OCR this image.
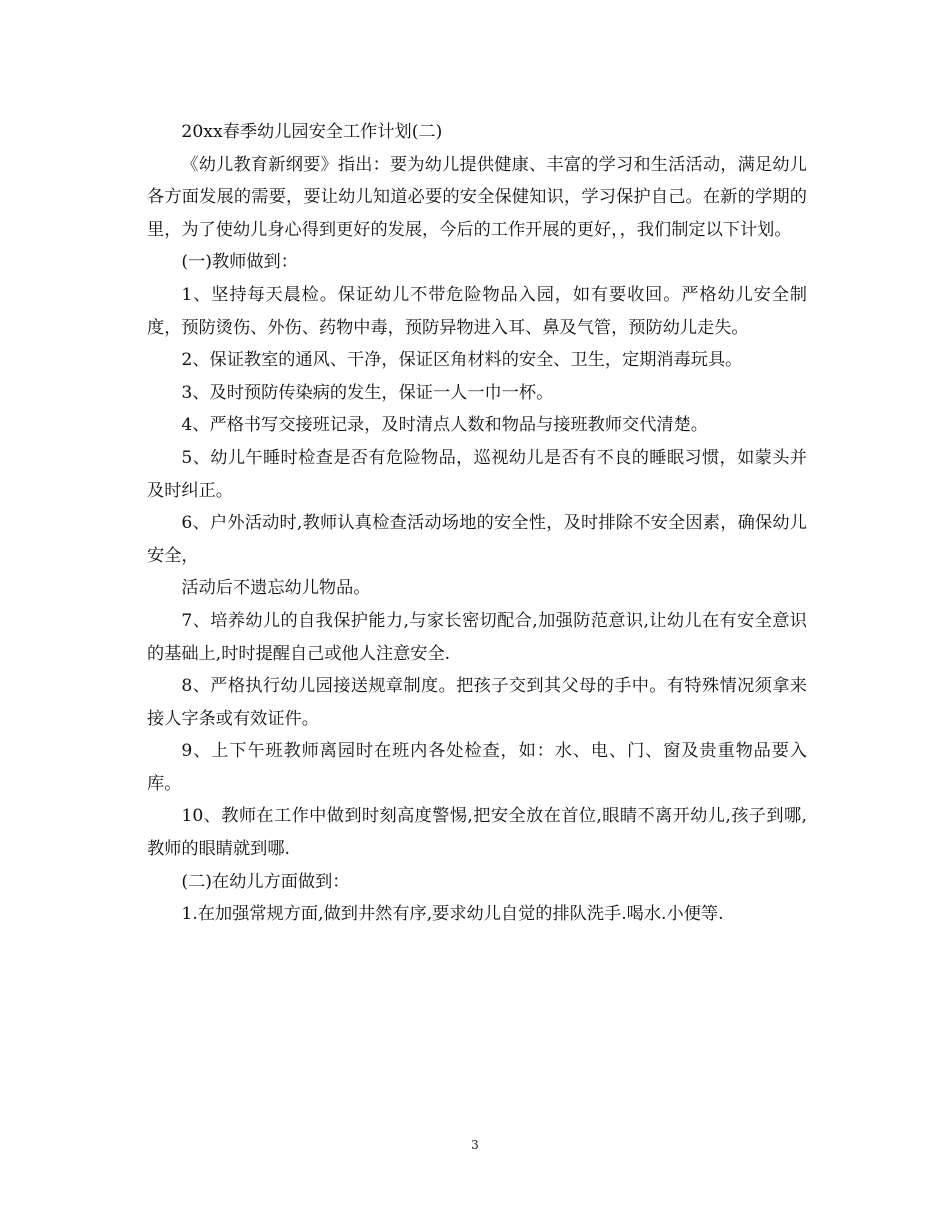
20xx春季幼儿园安全工作计划(二)

《幼儿教育新纲要》指出：要为幼儿提供健康、丰富的学习和生活活动，满足幼儿各方面发展的需要，要让幼儿知道必要的安全保健知识，学习保护自己。在新的学期的里，为了使幼儿身心得到更好的发展，今后的工作开展的更好，，我们制定以下计划。

(一)教师做到：

1、坚持每天晨检。保证幼儿不带危险物品入园，如有要收回。严格幼儿安全制度，预防烫伤、外伤、药物中毒，预防异物进入耳、鼻及气管，预防幼儿走失。

2、保证教室的通风、干净，保证区角材料的安全、卫生，定期消毒玩具。

3、及时预防传染病的发生，保证一人一巾一杯。

4、严格书写交接班记录，及时清点人数和物品与接班教师交代清楚。

5、幼儿午睡时检查是否有危险物品，巡视幼儿是否有不良的睡眠习惯，如蒙头并及时纠正。

6、户外活动时,教师认真检查活动场地的安全性，及时排除不安全因素，确保幼儿安全，

活动后不遗忘幼儿物品。

7、培养幼儿的自我保护能力,与家长密切配合,加强防范意识,让幼儿在有安全意识的基础上,时时提醒自己或他人注意安全.

8、严格执行幼儿园接送规章制度。把孩子交到其父母的手中。有特殊情况须拿来接人字条或有效证件。

9、上下午班教师离园时在班内各处检查，如：水、电、门、窗及贵重物品要入库。

10、教师在工作中做到时刻高度警惕,把安全放在首位,眼睛不离开幼儿,孩子到哪,教师的眼睛就到哪.

(二)在幼儿方面做到：

1.在加强常规方面,做到井然有序,要求幼儿自觉的排队洗手.喝水.小便等.

3
